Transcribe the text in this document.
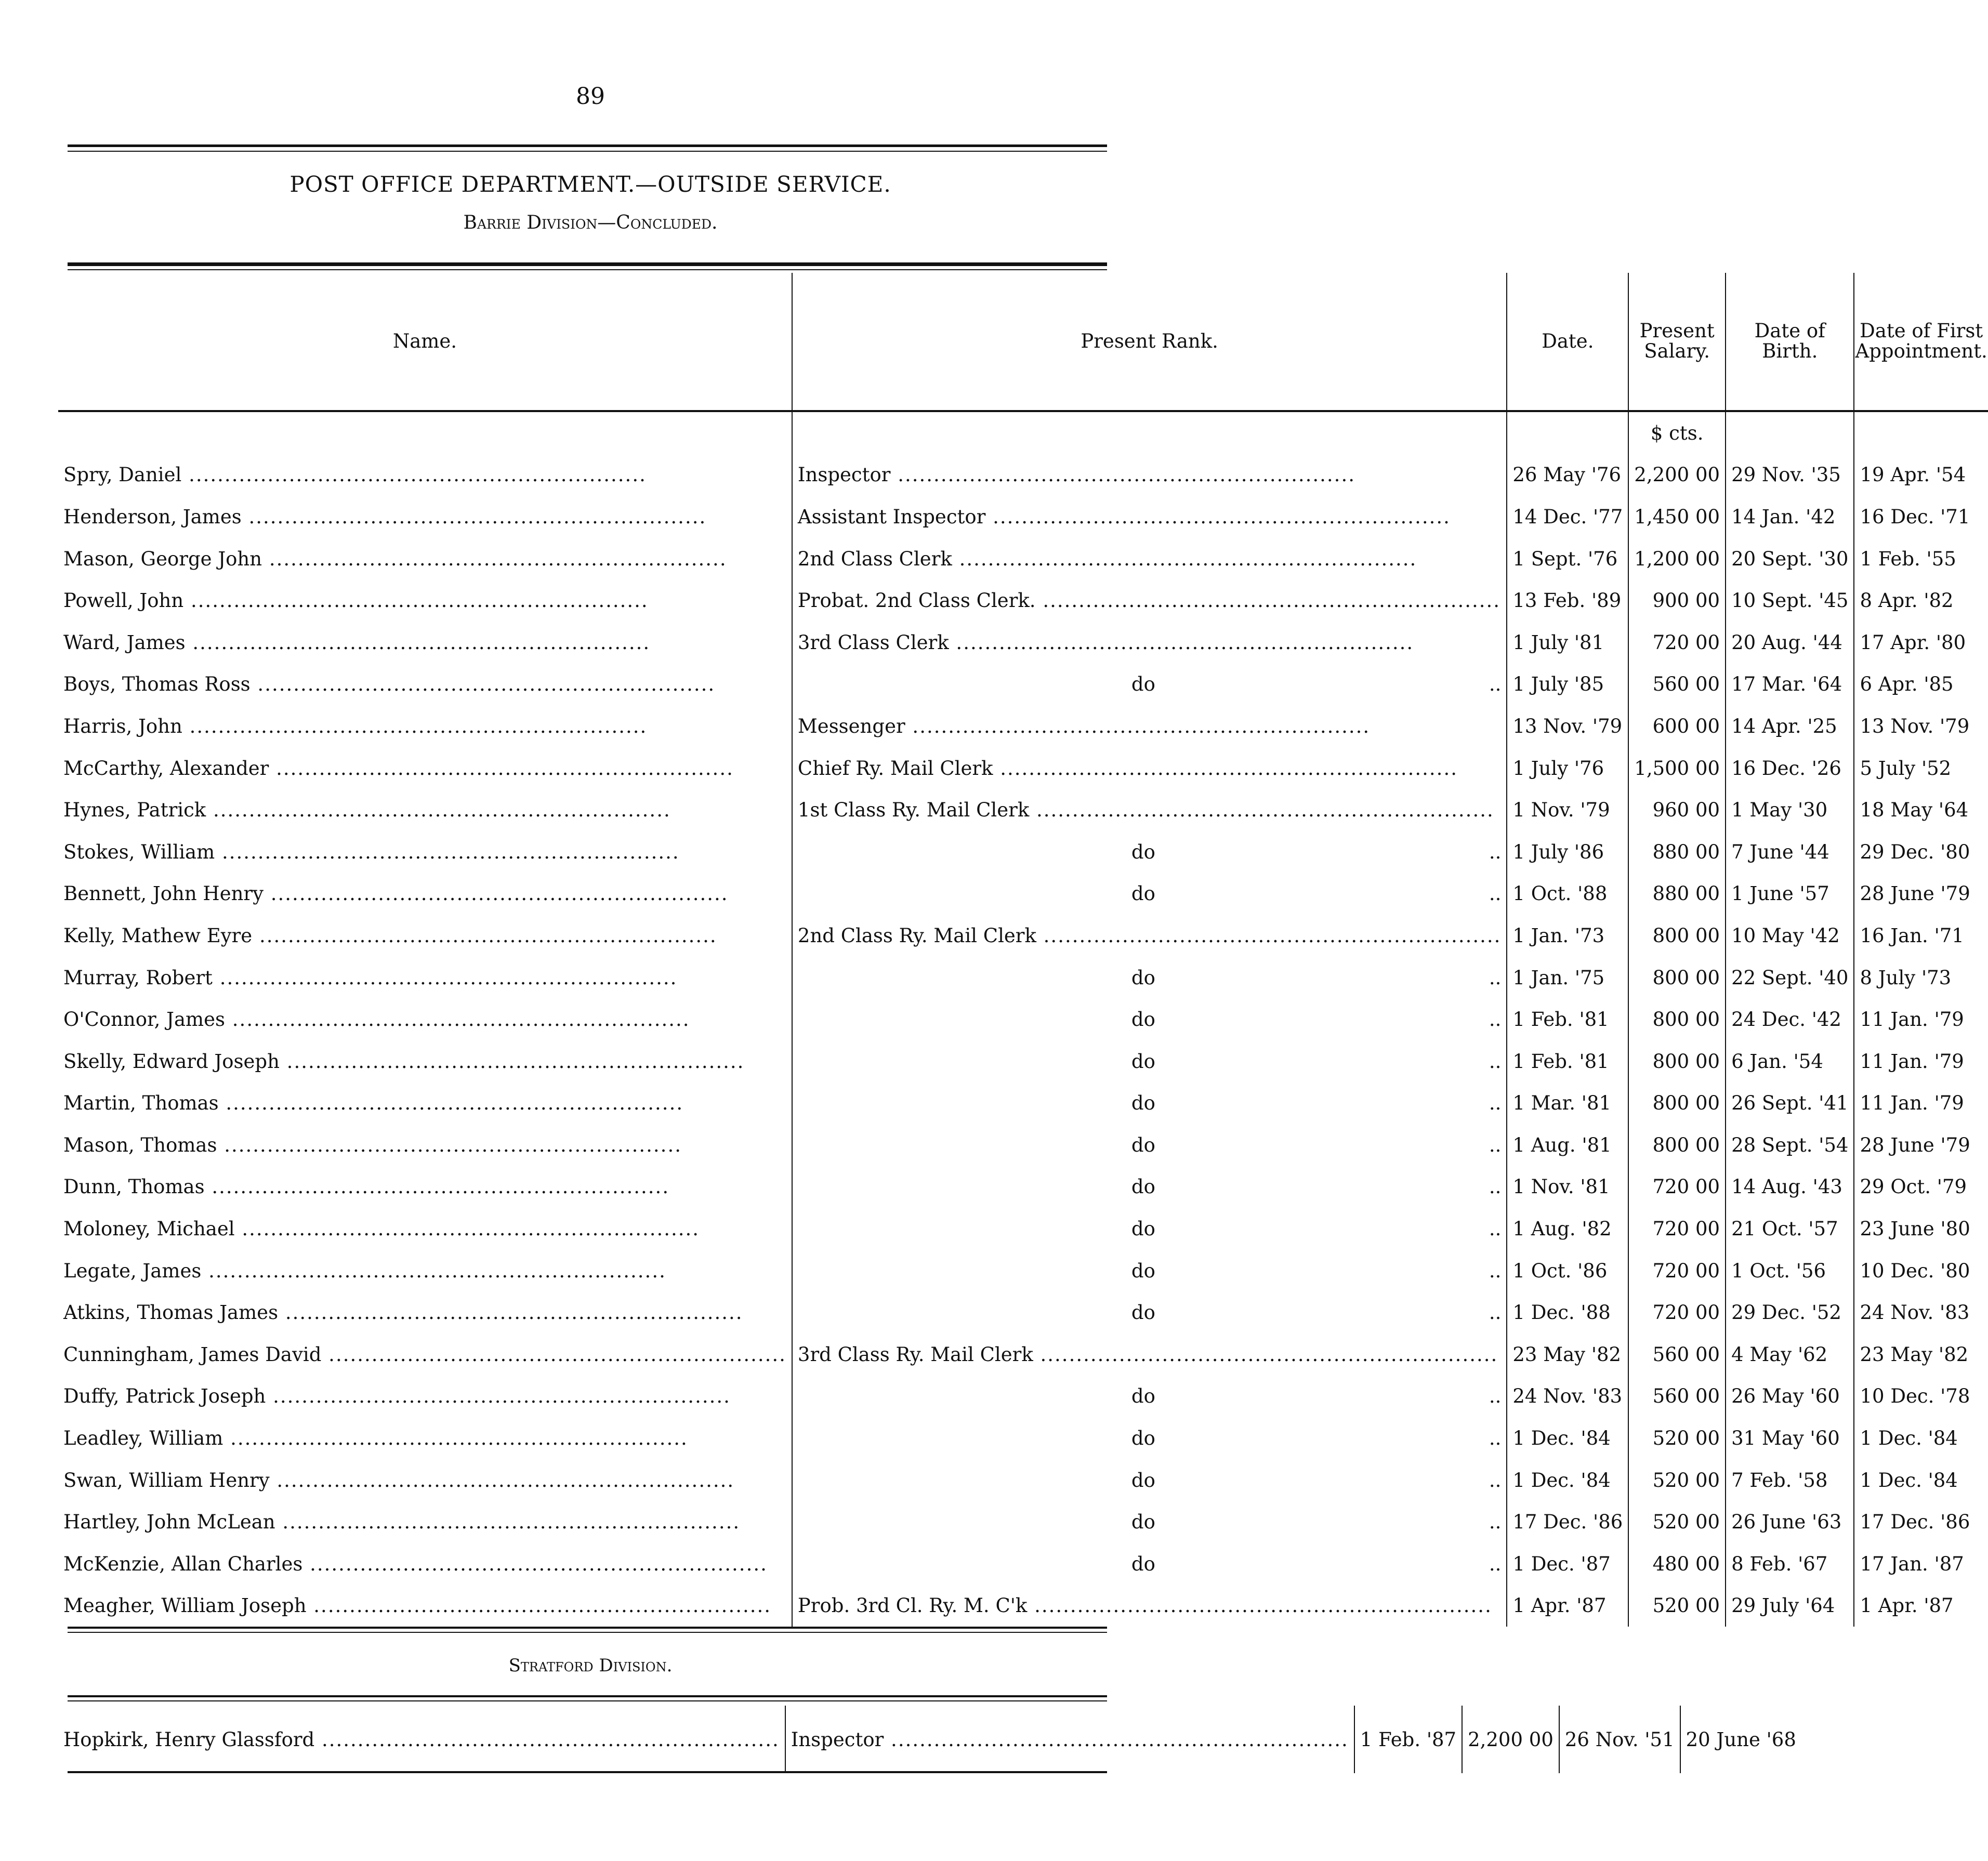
89
POST OFFICE DEPARTMENT.—OUTSIDE SERVICE.
Barrie Division—Concluded.
Name.	Present Rank.	Date.	Present Salary.	Date of Birth.	Date of First Appointment.
			$ cts.		

Spry, Daniel .....	Inspector .....	26 May '76	2,200 00	29 Nov. '35	19 Apr. '54

Henderson, James .....	Assistant Inspector .....	14 Dec. '77	1,450 00	14 Jan. '42	16 Dec. '71

Mason, George John .....	2nd Class Clerk .....	1 Sept. '76	1,200 00	20 Sept. '30	1 Feb. '55

Powell, John .....	Probat. 2nd Class Clerk. .....	13 Feb. '89	900 00	10 Sept. '45	8 Apr. '82

Ward, James .....	3rd Class Clerk .....	1 July '81	720 00	20 Aug. '44	17 Apr. '80

Boys, Thomas Ross .....	do ..	1 July '85	560 00	17 Mar. '64	6 Apr. '85

Harris, John .....	Messenger .....	13 Nov. '79	600 00	14 Apr. '25	13 Nov. '79

McCarthy, Alexander .....	Chief Ry. Mail Clerk .....	1 July '76	1,500 00	16 Dec. '26	5 July '52

Hynes, Patrick .....	1st Class Ry. Mail Clerk .....	1 Nov. '79	960 00	1 May '30	18 May '64

Stokes, William .....	do ..	1 July '86	880 00	7 June '44	29 Dec. '80

Bennett, John Henry .....	do ..	1 Oct. '88	880 00	1 June '57	28 June '79

Kelly, Mathew Eyre .....	2nd Class Ry. Mail Clerk .....	1 Jan. '73	800 00	10 May '42	16 Jan. '71

Murray, Robert .....	do ..	1 Jan. '75	800 00	22 Sept. '40	8 July '73

O'Connor, James .....	do ..	1 Feb. '81	800 00	24 Dec. '42	11 Jan. '79

Skelly, Edward Joseph .....	do ..	1 Feb. '81	800 00	6 Jan. '54	11 Jan. '79

Martin, Thomas .....	do ..	1 Mar. '81	800 00	26 Sept. '41	11 Jan. '79

Mason, Thomas .....	do ..	1 Aug. '81	800 00	28 Sept. '54	28 June '79

Dunn, Thomas .....	do ..	1 Nov. '81	720 00	14 Aug. '43	29 Oct. '79

Moloney, Michael .....	do ..	1 Aug. '82	720 00	21 Oct. '57	23 June '80

Legate, James .....	do ..	1 Oct. '86	720 00	1 Oct. '56	10 Dec. '80

Atkins, Thomas James .....	do ..	1 Dec. '88	720 00	29 Dec. '52	24 Nov. '83

Cunningham, James David .....	3rd Class Ry. Mail Clerk .....	23 May '82	560 00	4 May '62	23 May '82

Duffy, Patrick Joseph .....	do ..	24 Nov. '83	560 00	26 May '60	10 Dec. '78

Leadley, William .....	do ..	1 Dec. '84	520 00	31 May '60	1 Dec. '84

Swan, William Henry .....	do ..	1 Dec. '84	520 00	7 Feb. '58	1 Dec. '84

Hartley, John McLean .....	do ..	17 Dec. '86	520 00	26 June '63	17 Dec. '86

McKenzie, Allan Charles .....	do ..	1 Dec. '87	480 00	8 Feb. '67	17 Jan. '87

Meagher, William Joseph .....	Prob. 3rd Cl. Ry. M. C'k .....	1 Apr. '87	520 00	29 July '64	1 Apr. '87
Stratford Division.
Hopkirk, Henry Glassford .....	Inspector .....	1 Feb. '87	2,200 00	26 Nov. '51	20 June '68
